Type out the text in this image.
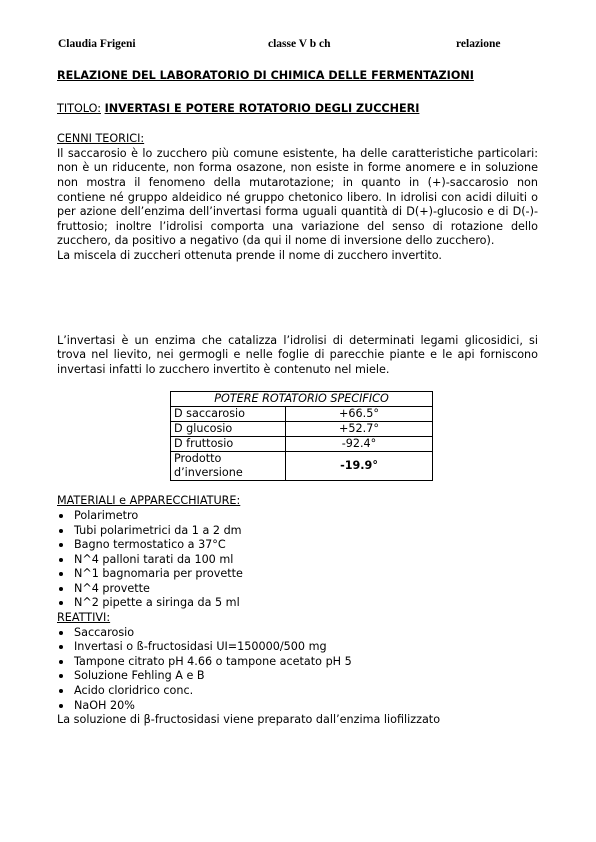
Claudia Frigeni	classe V b ch	relazione
RELAZIONE DEL LABORATORIO DI CHIMICA DELLE FERMENTAZIONI
TITOLO: INVERTASI E POTERE ROTATORIO DEGLI ZUCCHERI
CENNI TEORICI:

Il saccarosio è lo zucchero più comune esistente, ha delle caratteristiche particolari: non è un riducente, non forma osazone, non esiste in forme anomere e in soluzione non mostra il fenomeno della mutarotazione; in quanto in (+)-saccarosio non contiene né gruppo aldeidico né gruppo chetonico libero. In idrolisi con acidi diluiti o per azione dell’enzima dell’invertasi forma uguali quantità di D(+)-glucosio e di D(-)-fruttosio; inoltre l’idrolisi comporta una variazione del senso di rotazione dello zucchero, da positivo a negativo (da qui il nome di inversione dello zucchero).

La miscela di zuccheri ottenuta prende il nome di zucchero invertito.

L’invertasi è un enzima che catalizza l’idrolisi di determinati legami glicosidici, si trova nel lievito, nei germogli e nelle foglie di parecchie piante e le api forniscono invertasi infatti lo zucchero invertito è contenuto nel miele.

POTERE ROTATORIO SPECIFICO	
D saccarosio	+66.5°
D glucosio	+52.7°
D fruttosio	-92.4°
Prodotto d’inversione	-19.9°
MATERIALI e APPARECCHIATURE:
Polarimetro
Tubi polarimetrici da 1 a 2 dm
Bagno termostatico a 37°C
N^4 palloni tarati da 100 ml
N^1 bagnomaria per provette
N^4 provette
N^2 pipette a siringa da 5 ml
REATTIVI:
Saccarosio
Invertasi o ß-fructosidasi UI=150000/500 mg
Tampone citrato pH 4.66 o tampone acetato pH 5
Soluzione Fehling A e B
Acido cloridrico conc.
NaOH 20%

La soluzione di β-fructosidasi viene preparato dall’enzima liofilizzato
